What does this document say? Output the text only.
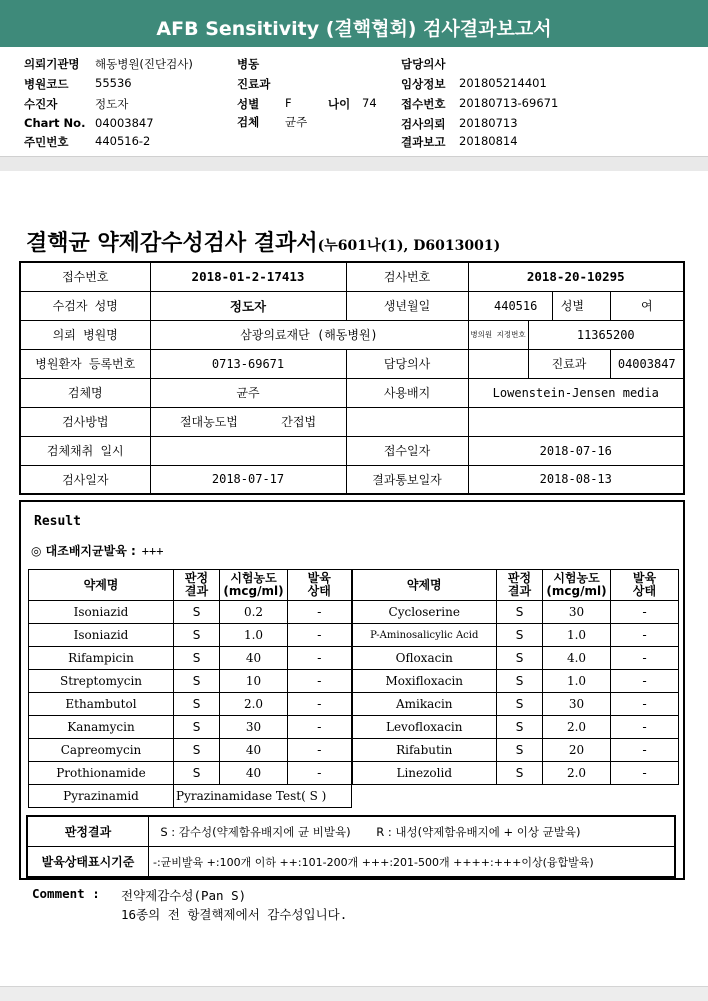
AFB Sensitivity (결핵협회) 검사결과보고서
의뢰기관명 해동병원(진단검사)
병원코드 55536
수진자	정도자
Chart No. 04003847
주민번호 440516-2
병동
진료과
성별 F	나이 74
검체 균주
담당의사
임상정보 201805214401
접수번호 20180713-69671
검사의뢰 20180713
결과보고 20180814
결핵균 약제감수성검사 결과서(누601나(1), D6013001)
접수번호	2018-01-2-17413	검사번호	2018-20-10295		
수검자 성명	정도자	생년월일	440516 성별		여
의뢰 병원명	삼광의료재단 (해동병원)		병의원 지정번호	11365200	
병원환자 등록번호	0713-69671	담당의사		진료과	04003847
검체명	균주	사용배지	Lowenstein-Jensen media		
검사방법	절대농도법 간접법				
검체채취 일시		접수일자	2018-07-16		
검사일자	2018-07-17	결과통보일자	2018-08-13		
Result
◎ 대조배지균발육 : +++
약제명	판정 결과	시험농도 (mcg/ml)	발육 상태	약제명	판정 결과	시험농도 (mcg/ml)	발육 상태

Isoniazid	S	0.2	-	Cycloserine	S	30	-
Isoniazid	S	1.0	-	P-Aminosalicylic Acid	S	1.0	-
Rifampicin	S	40	-	Ofloxacin	S	4.0	-
Streptomycin	S	10	-	Moxifloxacin	S	1.0	-
Ethambutol	S	2.0	-	Amikacin	S	30	-
Kanamycin	S	30	-	Levofloxacin	S	2.0	-
Capreomycin	S	40	-	Rifabutin	S	20	-
Prothionamide	S	40	-	Linezolid	S	2.0	-
Pyrazinamid	Pyrazinamidase Test( S )						
판정결과	S : 감수성(약제함유배지에 균 비발육) R : 내성(약제함유배지에 + 이상 균발육)
발육상태표시기준	-:균비발육 +:100개 이하 ++:101-200개 +++:201-500개 ++++:+++이상(융합발육)
Comment : 전약제감수성(Pan S)
16종의 전 항결핵제에서 감수성입니다.
